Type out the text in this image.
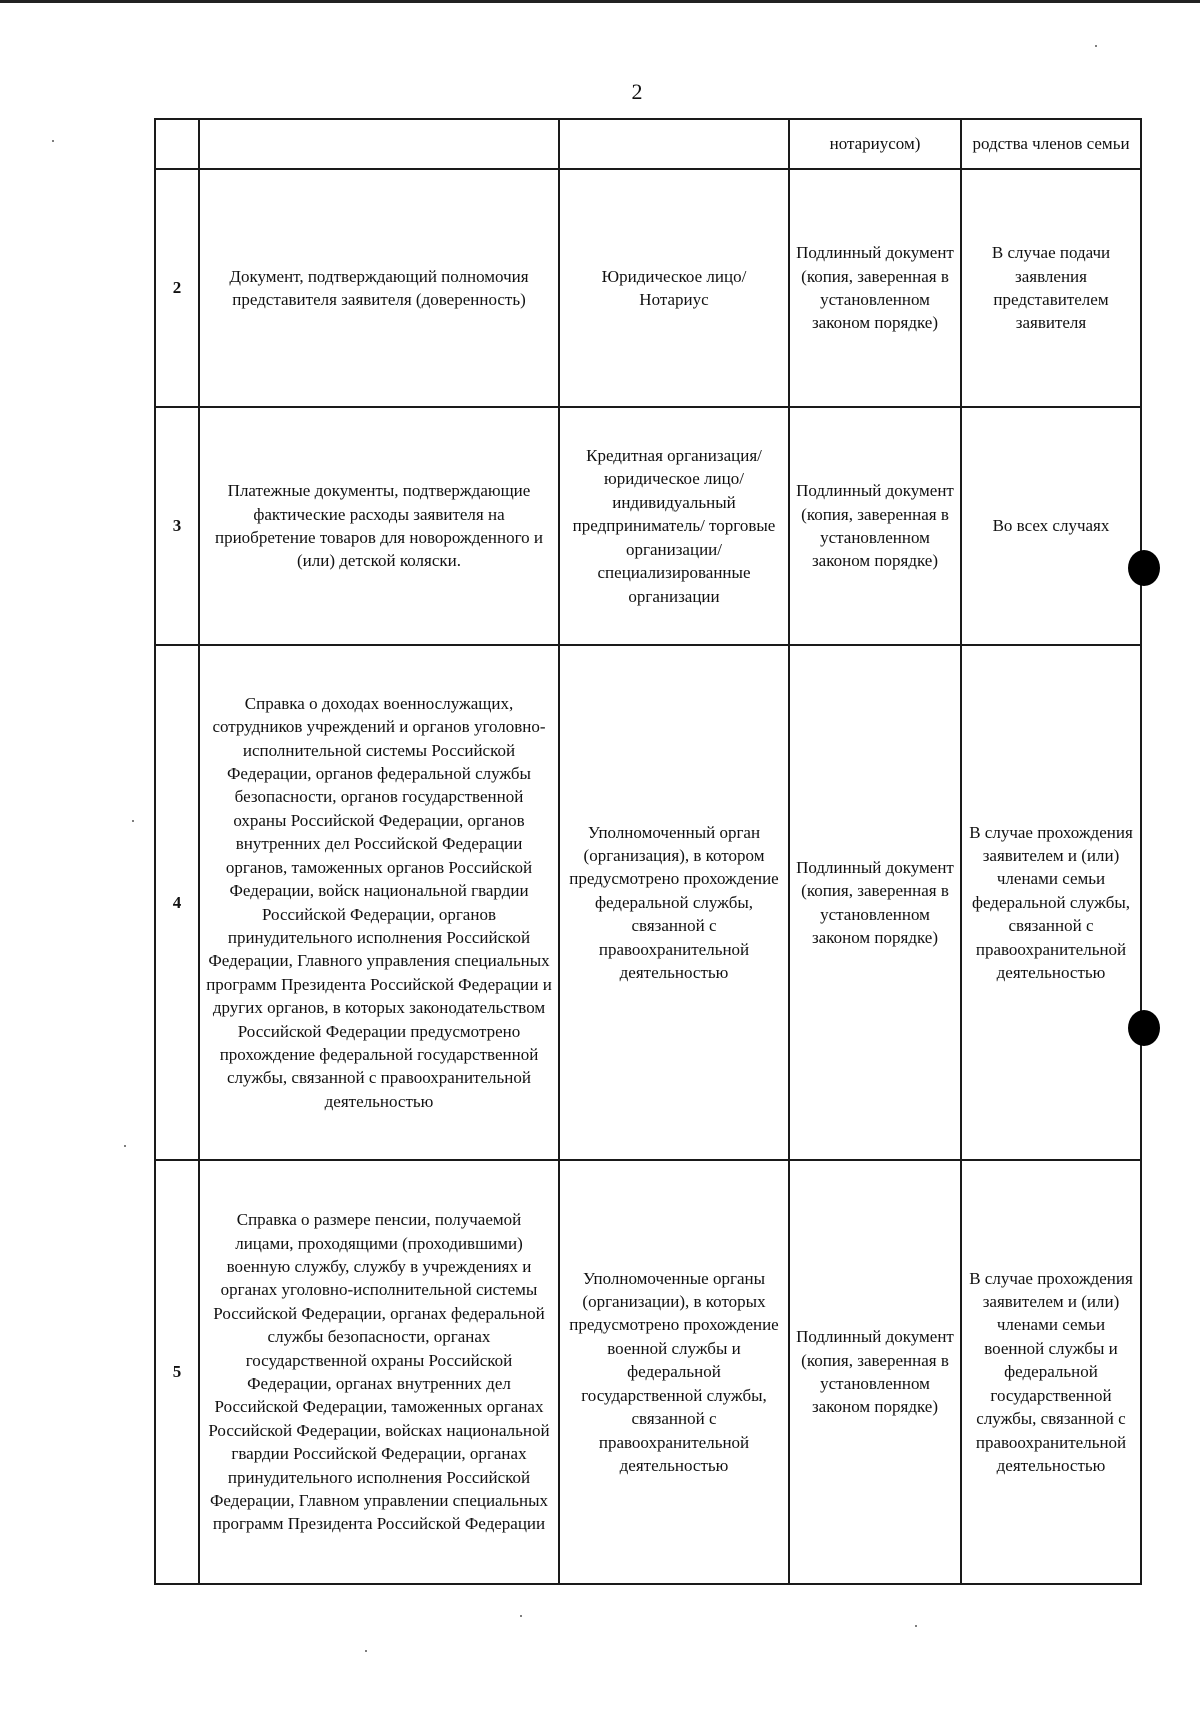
2
			нотариусом)	родства членов семьи
2	Документ, подтверждающий полномочия представителя заявителя (доверенность)	Юридическое лицо/ Нотариус	Подлинный документ (копия, заверенная в установленном законом порядке)	В случае подачи заявления представителем заявителя
3	Платежные документы, подтверждающие фактические расходы заявителя на приобретение товаров для новорожденного и (или) детской коляски.	Кредитная организация/ юридическое лицо/ индивидуальный предприниматель/ торговые организации/ специализированные организации	Подлинный документ (копия, заверенная в установленном законом порядке)	Во всех случаях
4	Справка о доходах военнослужащих, сотрудников учреждений и органов уголовно-исполнительной системы Российской Федерации, органов федеральной службы безопасности, органов государственной охраны Российской Федерации, органов внутренних дел Российской Федерации органов, таможенных органов Российской Федерации, войск национальной гвардии Российской Федерации, органов принудительного исполнения Российской Федерации, Главного управления специальных программ Президента Российской Федерации и других органов, в которых законодательством Российской Федерации предусмотрено прохождение федеральной государственной службы, связанной с правоохранительной деятельностью	Уполномоченный орган (организация), в котором предусмотрено прохождение федеральной службы, связанной с правоохранительной деятельностью	Подлинный документ (копия, заверенная в установленном законом порядке)	В случае прохождения заявителем и (или) членами семьи федеральной службы, связанной с правоохранительной деятельностью
5	Справка о размере пенсии, получаемой лицами, проходящими (проходившими) военную службу, службу в учреждениях и органах уголовно-исполнительной системы Российской Федерации, органах федеральной службы безопасности, органах государственной охраны Российской Федерации, органах внутренних дел Российской Федерации, таможенных органах Российской Федерации, войсках национальной гвардии Российской Федерации, органах принудительного исполнения Российской Федерации, Главном управлении специальных программ Президента Российской Федерации	Уполномоченные органы (организации), в которых предусмотрено прохождение военной службы и федеральной государственной службы, связанной с правоохранительной деятельностью	Подлинный документ (копия, заверенная в установленном законом порядке)	В случае прохождения заявителем и (или) членами семьи военной службы и федеральной государственной службы, связанной с правоохранительной деятельностью
